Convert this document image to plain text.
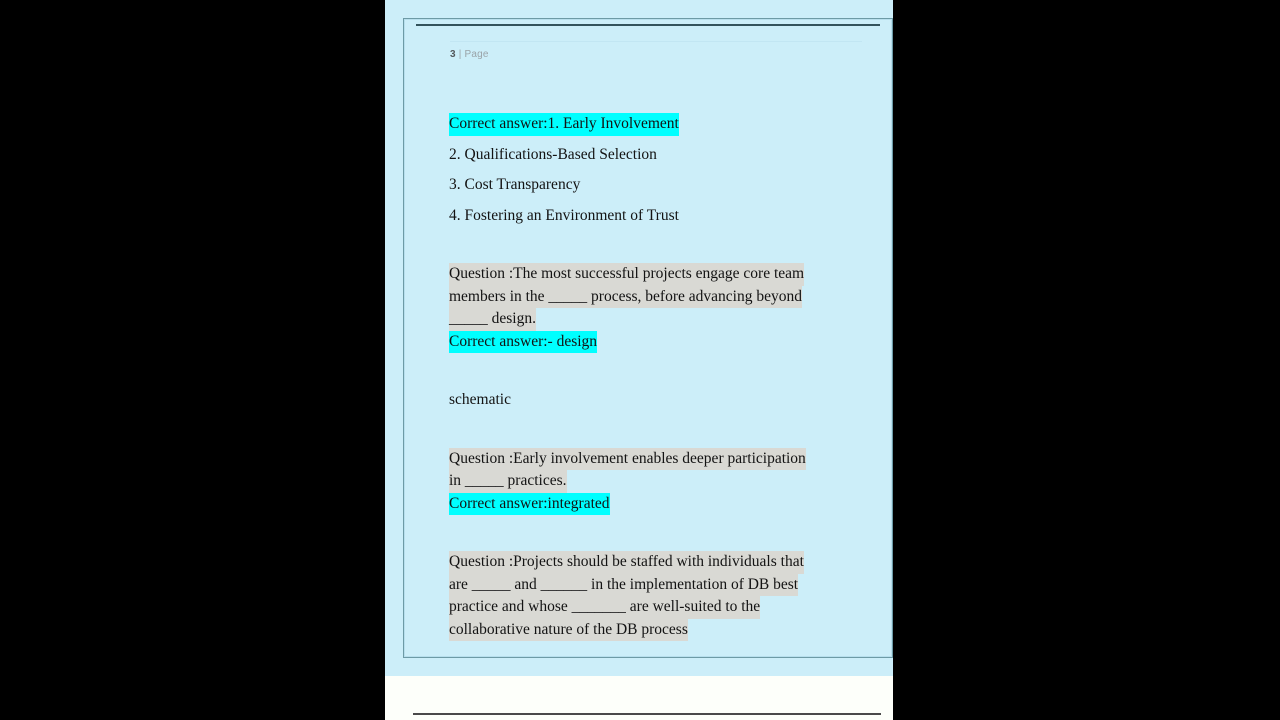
3 | Page
Correct answer:1. Early Involvement
2. Qualifications-Based Selection
3. Cost Transparency
4. Fostering an Environment of Trust
Question :The most successful projects engage core team
members in the _____ process, before advancing beyond
_____ design.
Correct answer:- design
schematic
Question :Early involvement enables deeper participation
in _____ practices.
Correct answer:integrated
Question :Projects should be staffed with individuals that
are _____ and ______ in the implementation of DB best
practice and whose _______ are well-suited to the
collaborative nature of the DB process
